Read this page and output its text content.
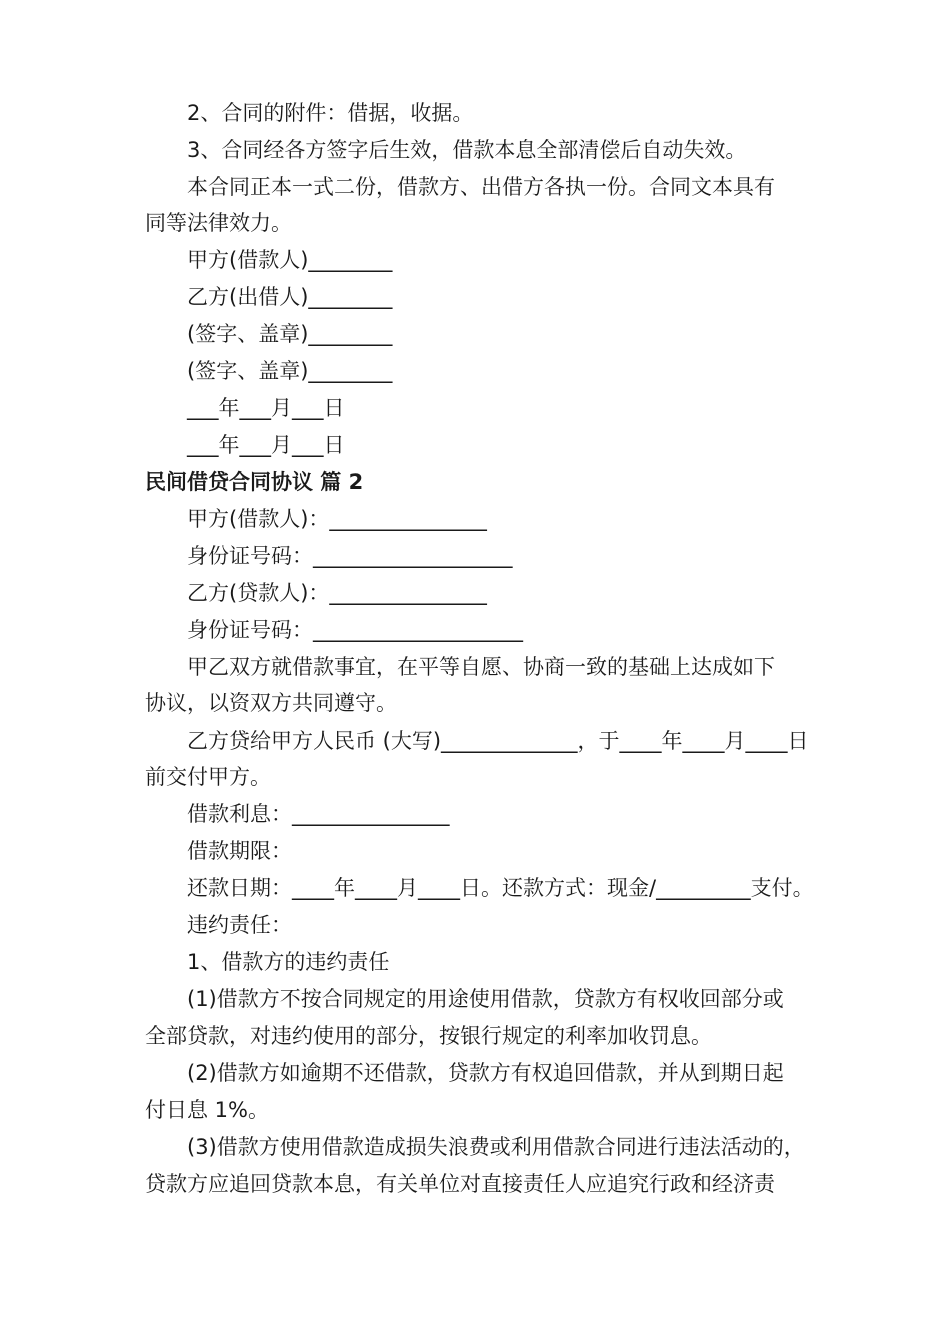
2、合同的附件：借据，收据。
3、合同经各方签字后生效，借款本息全部清偿后自动失效。
本合同正本一式二份，借款方、出借方各执一份。合同文本具有
同等法律效力。
甲方(借款人)________
乙方(出借人)________
(签字、盖章)________
(签字、盖章)________
___年___月___日
___年___月___日
民间借贷合同协议 篇 2
甲方(借款人)：_______________
身份证号码：___________________
乙方(贷款人)：_______________
身份证号码：____________________
甲乙双方就借款事宜，在平等自愿、协商一致的基础上达成如下
协议，以资双方共同遵守。
乙方贷给甲方人民币 (大写)_____________，于____年____月____日
前交付甲方。
借款利息：_______________
借款期限：
还款日期：____年____月____日。还款方式：现金/_________支付。
违约责任：
1、借款方的违约责任
(1)借款方不按合同规定的用途使用借款，贷款方有权收回部分或
全部贷款，对违约使用的部分，按银行规定的利率加收罚息。
(2)借款方如逾期不还借款，贷款方有权追回借款，并从到期日起
付日息 1%。
(3)借款方使用借款造成损失浪费或利用借款合同进行违法活动的，
贷款方应追回贷款本息，有关单位对直接责任人应追究行政和经济责
